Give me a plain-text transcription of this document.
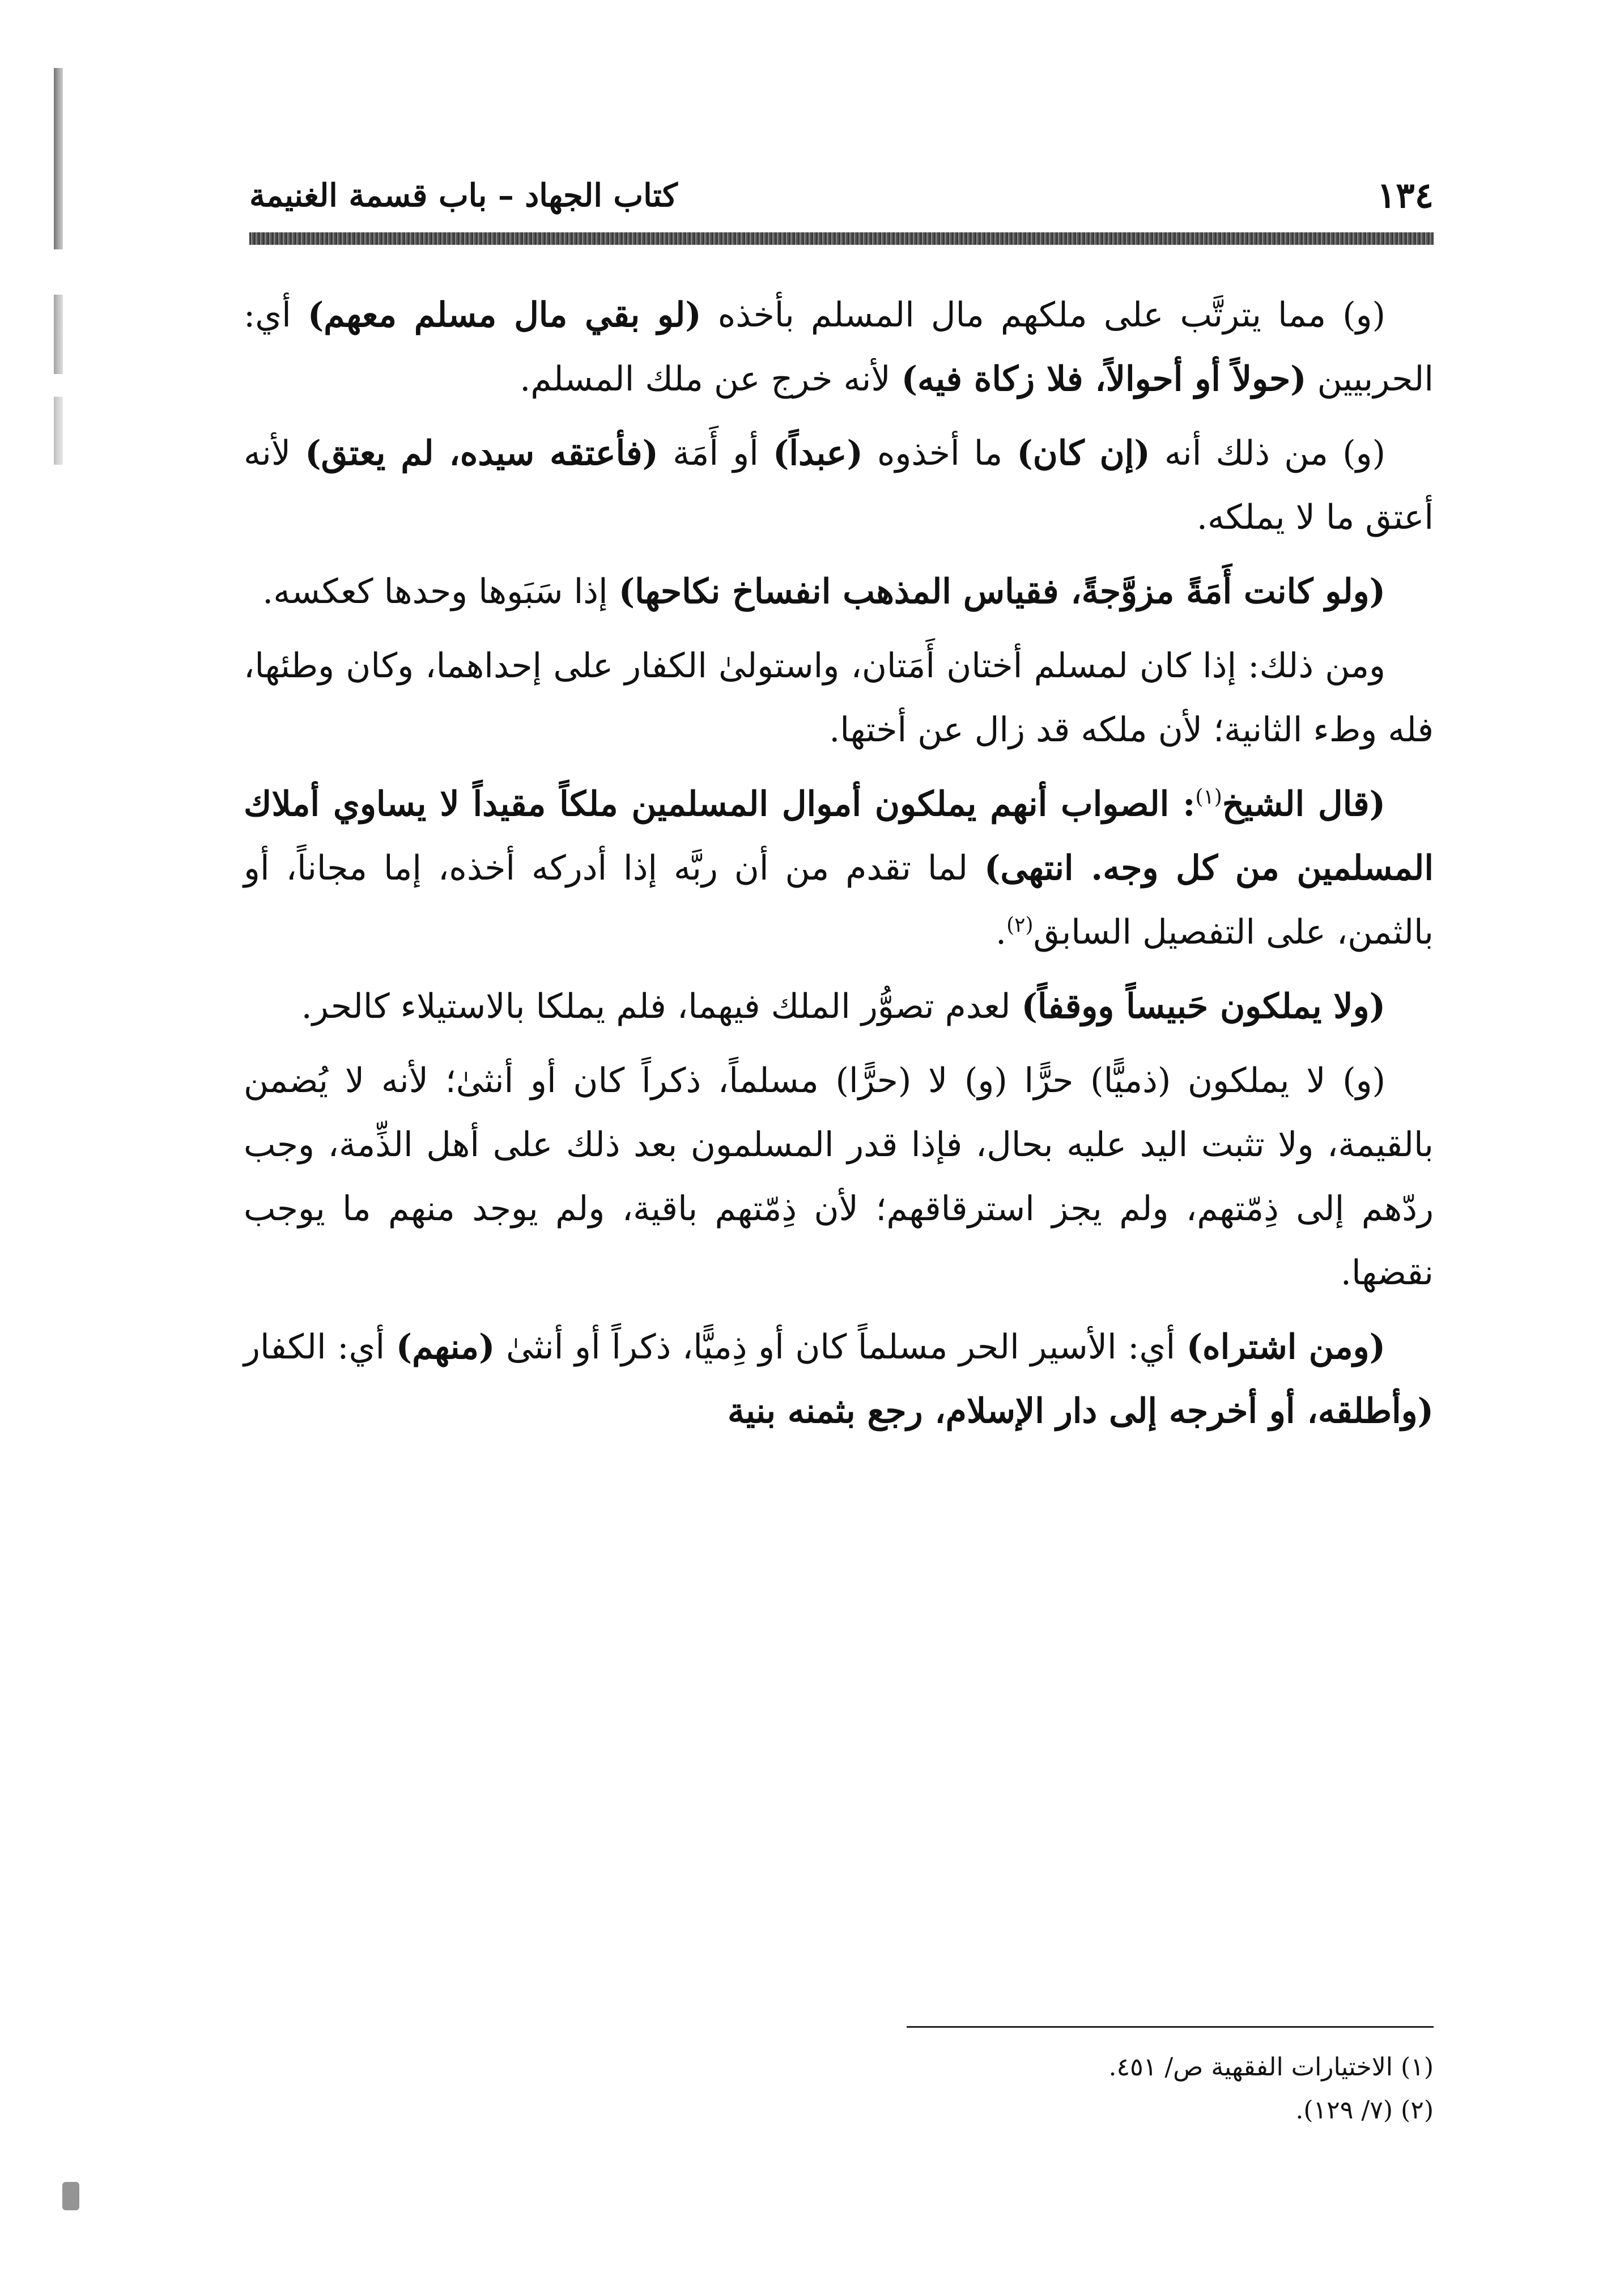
كتاب الجهاد – باب قسمة الغنيمة	١٣٤

(و) مما يترتَّب على ملكهم مال المسلم بأخذه (لو بقي مال مسلم معهم) أي: الحربيين (حولاً أو أحوالاً، فلا زكاة فيه) لأنه خرج عن ملك المسلم.

(و) من ذلك أنه (إن كان) ما أخذوه (عبداً) أو أَمَة (فأعتقه سيده، لم يعتق) لأنه أعتق ما لا يملكه.

(ولو كانت أَمَةً مزوَّجةً، فقياس المذهب انفساخ نكاحها) إذا سَبَوها وحدها كعكسه.

ومن ذلك: إذا كان لمسلم أختان أَمَتان، واستولىٰ الكفار على إحداهما، وكان وطئها، فله وطء الثانية؛ لأن ملكه قد زال عن أختها.

(قال الشيخ$^{(١)}$: الصواب أنهم يملكون أموال المسلمين ملكاً مقيداً لا يساوي أملاك المسلمين من كل وجه. انتهى) لما تقدم من أن ربَّه إذا أدركه أخذه، إما مجاناً، أو بالثمن، على التفصيل السابق$^{(٢)}$.

(ولا يملكون حَبيساً ووقفاً) لعدم تصوُّر الملك فيهما، فلم يملكا بالاستيلاء كالحر.

(و) لا يملكون (ذميًّا) حرًّا (و) لا (حرًّا) مسلماً، ذكراً كان أو أنثىٰ؛ لأنه لا يُضمن بالقيمة، ولا تثبت اليد عليه بحال، فإذا قدر المسلمون بعد ذلك على أهل الذِّمة، وجب ردّهم إلى ذِمّتهم، ولم يجز استرقاقهم؛ لأن ذِمّتهم باقية، ولم يوجد منهم ما يوجب نقضها.

(ومن اشتراه) أي: الأسير الحر مسلماً كان أو ذِميًّا، ذكراً أو أنثىٰ (منهم) أي: الكفار (وأطلقه، أو أخرجه إلى دار الإسلام، رجع بثمنه بنية

(١) الاختيارات الفقهية ص/ ٤٥١.

(٢) (٧/ ١٢٩).
